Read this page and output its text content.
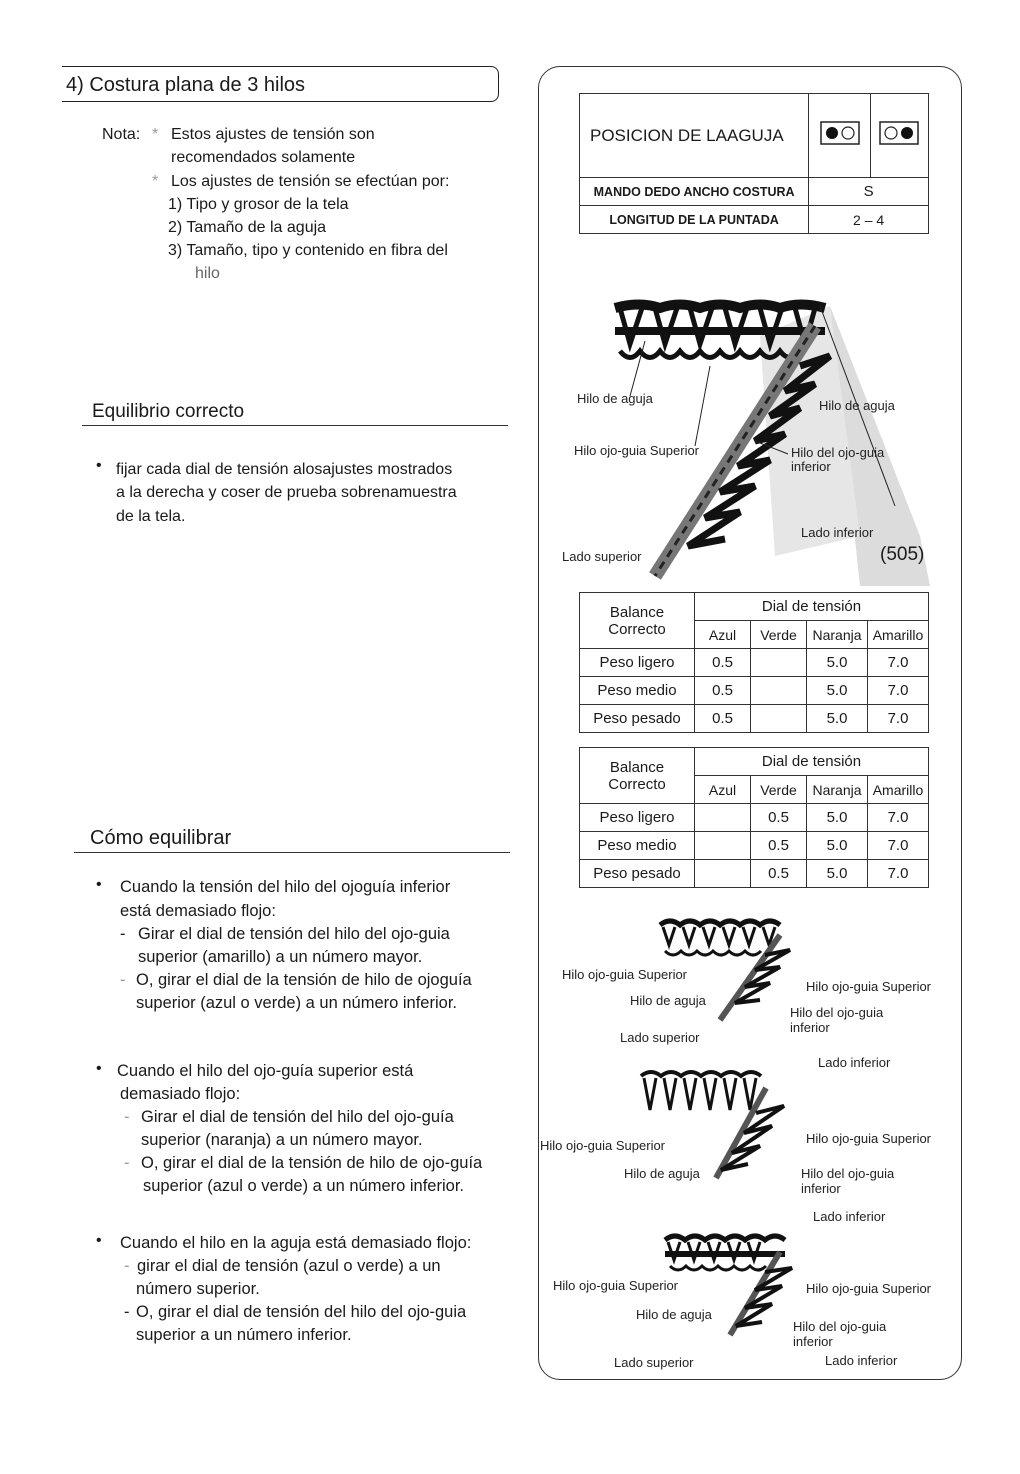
4) Costura plana de 3 hilos
Nota: * Estos ajustes de tensión son
recomendados solamente
* Los ajustes de tensión se efectúan por:
1) Tipo y grosor de la tela
2) Tamaño de la aguja
3) Tamaño, tipo y contenido en fibra del
hilo
Equilibrio correcto
• fijar cada dial de tensión alosajustes mostrados
a la derecha y coser de prueba sobrenamuestra
de la tela.
Cómo equilibrar
• Cuando la tensión del hilo del ojoguía inferior
está demasiado flojo:
- Girar el dial de tensión del hilo del ojo-guia
superior (amarillo) a un número mayor.
- O, girar el dial de la tensión de hilo de ojoguía
superior (azul o verde) a un número inferior.
• Cuando el hilo del ojo-guía superior está
demasiado flojo:
- Girar el dial de tensión del hilo del ojo-guía
superior (naranja) a un número mayor.
- O, girar el dial de la tensión de hilo de ojo-guía
superior (azul o verde) a un número inferior.
• Cuando el hilo en la aguja está demasiado flojo:
- girar el dial de tensión (azul o verde) a un
número superior.
- O, girar el dial de tensión del hilo del ojo-guia
superior a un número inferior.
POSICION DE LAAGUJA		
MANDO DEDO ANCHO COSTURA	S	
LONGITUD DE LA PUNTADA	2 – 4	
Hilo de aguja
Hilo ojo-guia Superior
Lado superior
Hilo de aguja
Hilo del ojo-guia
inferior
Lado inferior
(505)
Balance
Correcto	Dial de tensión			
	Azul	Verde	Naranja	Amarillo
Peso ligero	0.5		5.0	7.0
Peso medio	0.5		5.0	7.0
Peso pesado	0.5		5.0	7.0
Balance
Correcto	Dial de tensión			
	Azul	Verde	Naranja	Amarillo
Peso ligero		0.5	5.0	7.0
Peso medio		0.5	5.0	7.0
Peso pesado		0.5	5.0	7.0
Hilo ojo-guia Superior
Hilo de aguja
Lado superior
Hilo ojo-guia Superior
Hilo del ojo-guia
inferior
Lado inferior
Hilo ojo-guia Superior
Hilo de aguja
Hilo ojo-guia Superior
Hilo del ojo-guia
inferior
Lado inferior
Hilo ojo-guia Superior
Hilo de aguja
Lado superior
Hilo ojo-guia Superior
Hilo del ojo-guia
inferior
Lado inferior
